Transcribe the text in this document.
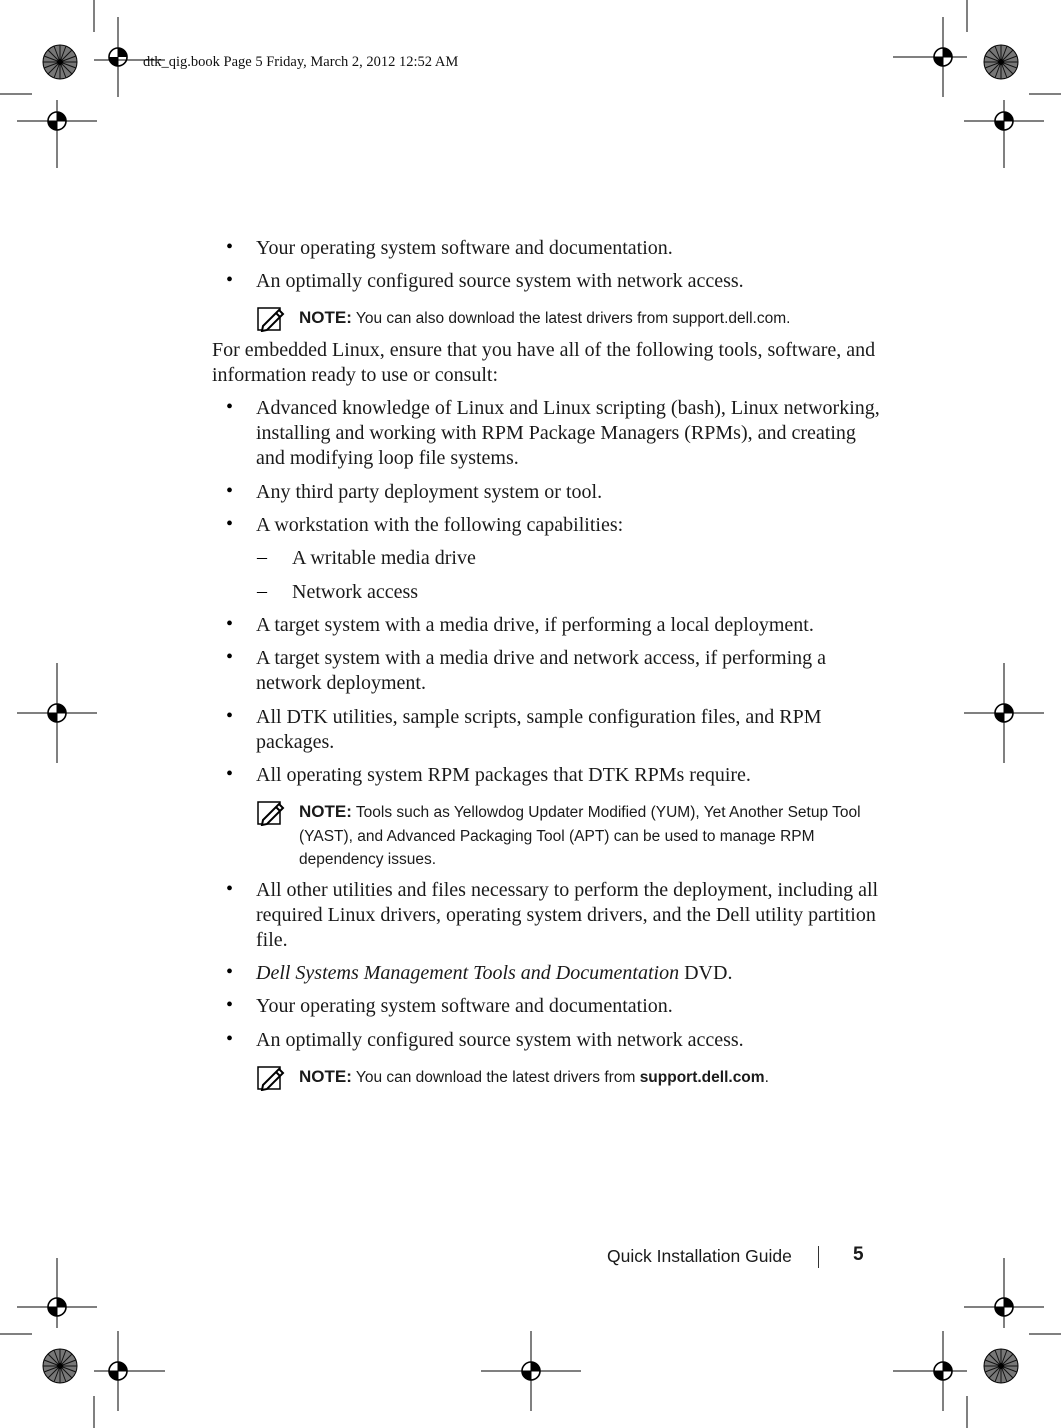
dtk_qig.book Page 5 Friday, March 2, 2012 12:52 AM
• Your operating system software and documentation.
• An optimally configured source system with network access.
NOTE: You can also download the latest drivers from support.dell.com.
For embedded Linux, ensure that you have all of the following tools, software, and information ready to use or consult:
• Advanced knowledge of Linux and Linux scripting (bash), Linux networking, installing and working with RPM Package Managers (RPMs), and creating and modifying loop file systems.
• Any third party deployment system or tool.
• A workstation with the following capabilities:
– A writable media drive
– Network access
• A target system with a media drive, if performing a local deployment.
• A target system with a media drive and network access, if performing a network deployment.
• All DTK utilities, sample scripts, sample configuration files, and RPM packages.
• All operating system RPM packages that DTK RPMs require.
NOTE: Tools such as Yellowdog Updater Modified (YUM), Yet Another Setup Tool (YAST), and Advanced Packaging Tool (APT) can be used to manage RPM dependency issues.
• All other utilities and files necessary to perform the deployment, including all required Linux drivers, operating system drivers, and the Dell utility partition file.
• Dell Systems Management Tools and Documentation DVD.
• Your operating system software and documentation.
• An optimally configured source system with network access.
NOTE: You can download the latest drivers from support.dell.com.
Quick Installation Guide	5
